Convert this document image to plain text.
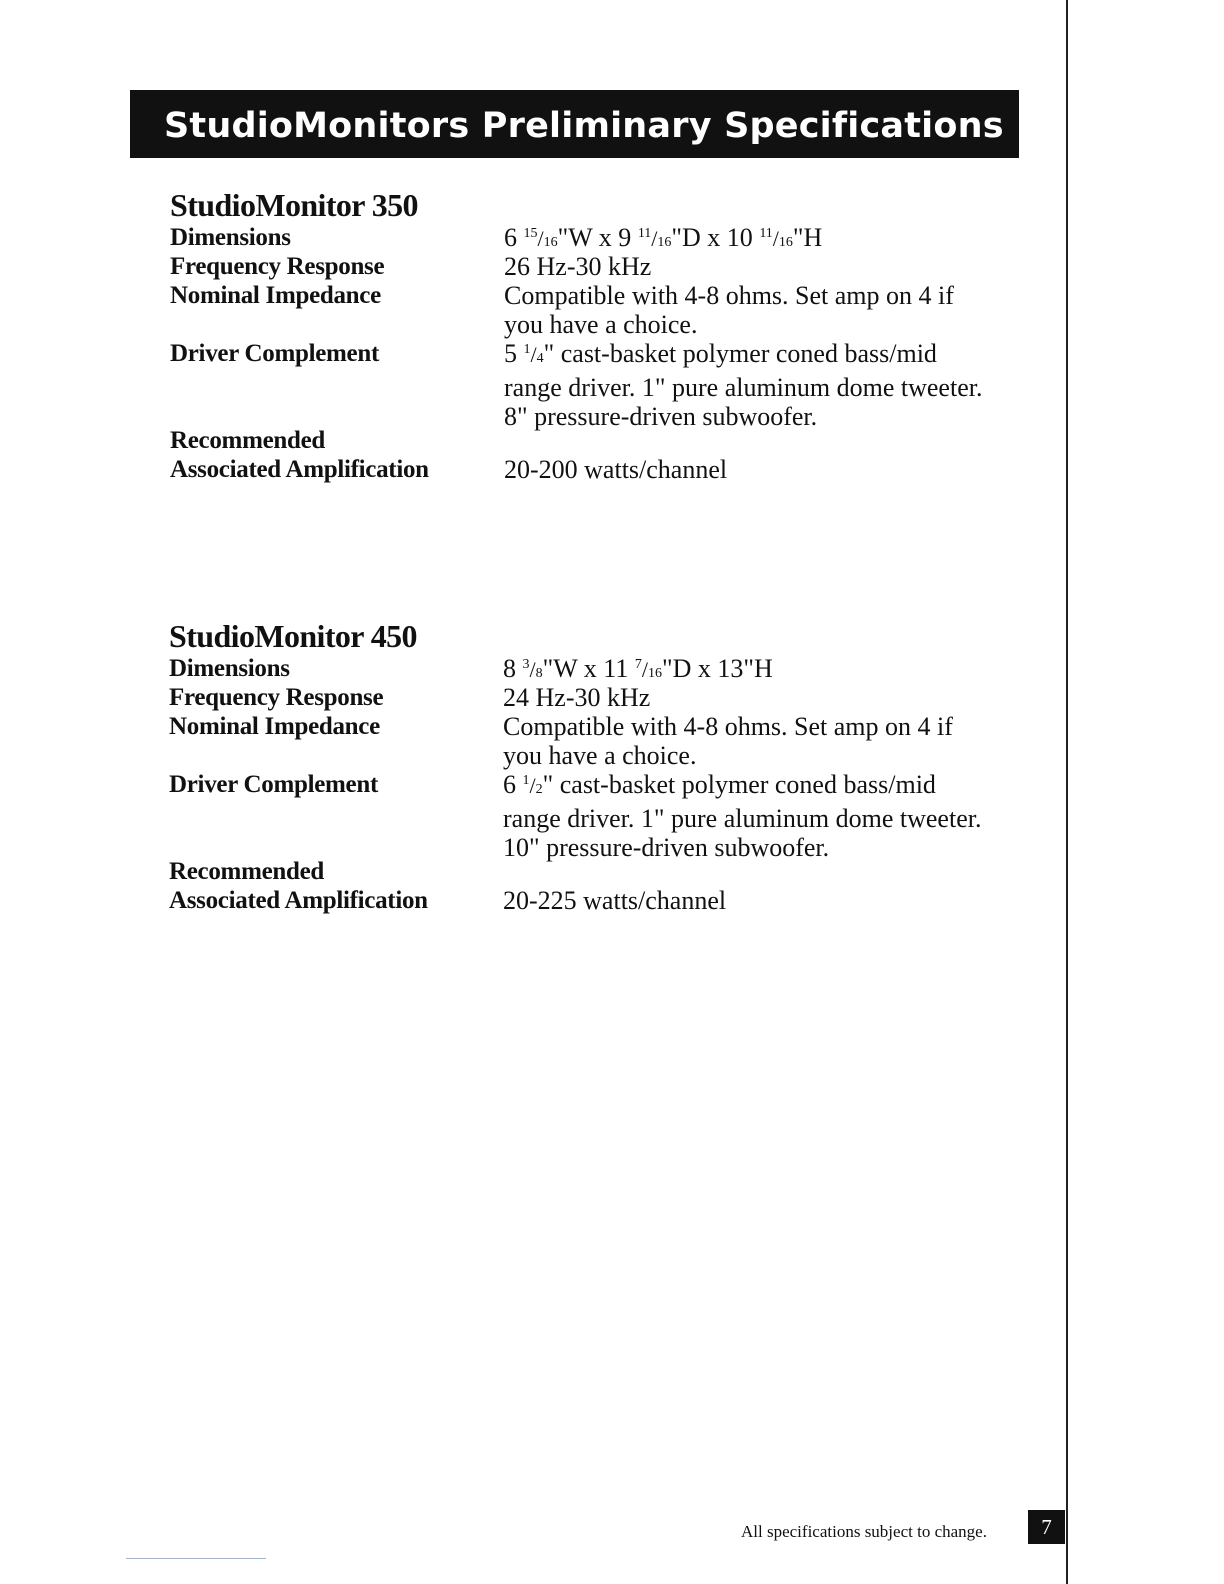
StudioMonitors Preliminary Specifications
StudioMonitor 350
Dimensions	6 $^{15}$/16"W x 9 $^{11}$/16"D x 10 $^{11}$/16"H
Frequency Response	26 Hz-30 kHz
Nominal Impedance	Compatible with 4-8 ohms. Set amp on 4 if
you have a choice.
Driver Complement	5 $^1$/4" cast-basket polymer coned bass/mid
range driver. 1" pure aluminum dome tweeter.
8" pressure-driven subwoofer.
Recommended
Associated Amplification
	20-200 watts/channel
StudioMonitor 450
Dimensions	8 $^3$/8"W x 11 $^7$/16"D x 13"H
Frequency Response	24 Hz-30 kHz
Nominal Impedance	Compatible with 4-8 ohms. Set amp on 4 if
you have a choice.
Driver Complement	6 $^1$/2" cast-basket polymer coned bass/mid
range driver. 1" pure aluminum dome tweeter.
10" pressure-driven subwoofer.
Recommended
Associated Amplification
	20-225 watts/channel
All specifications subject to change.	7
